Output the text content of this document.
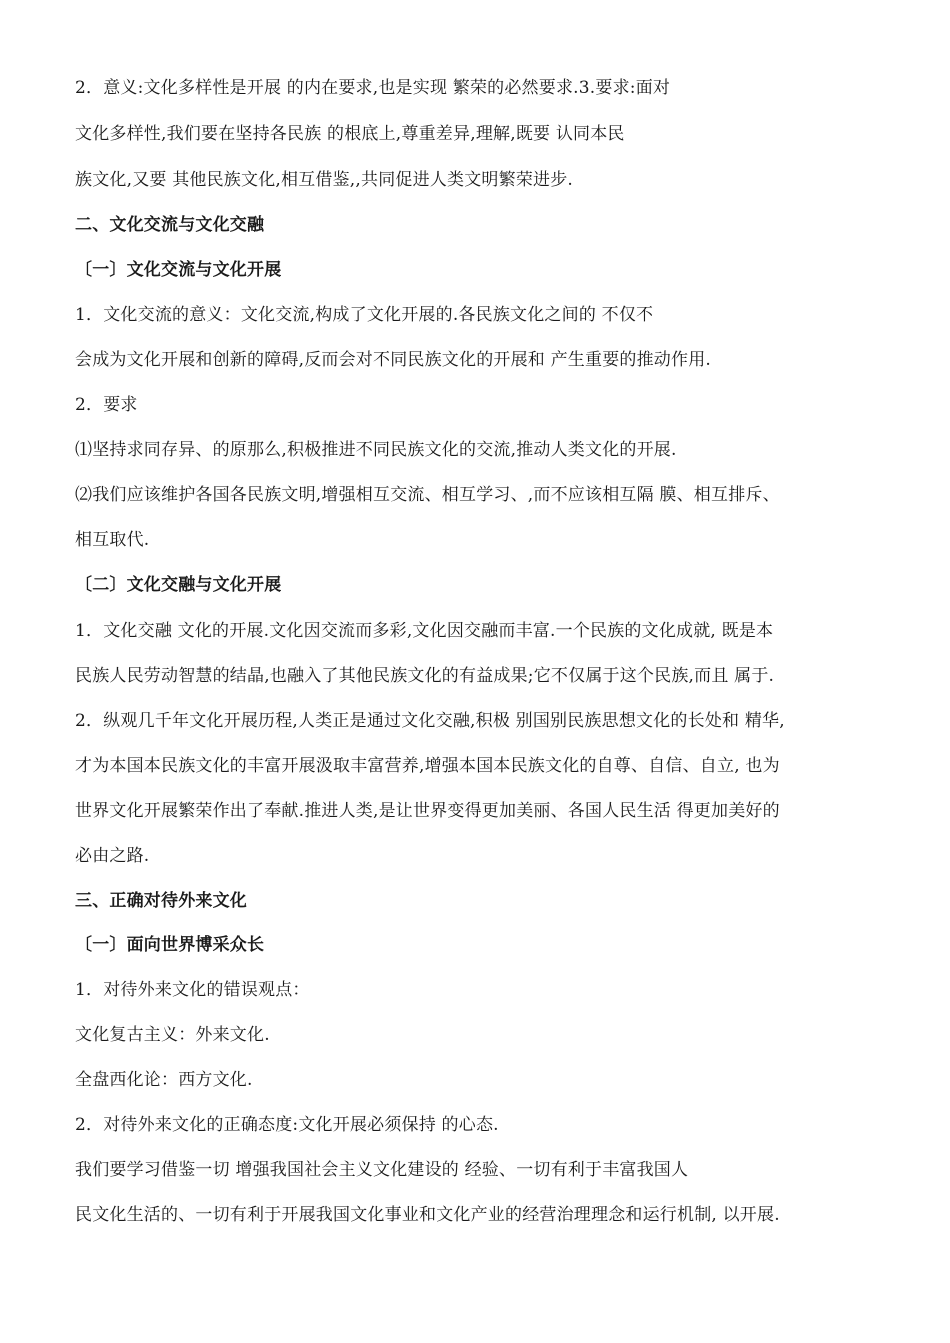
2．意义:文化多样性是开展 的内在要求,也是实现 繁荣的必然要求.3.要求:面对
文化多样性,我们要在坚持各民族 的根底上,尊重差异,理解,既要 认同本民
族文化,又要 其他民族文化,相互借鉴,,共同促进人类文明繁荣进步.
二、文化交流与文化交融
〔一〕文化交流与文化开展
1．文化交流的意义：文化交流,构成了文化开展的.各民族文化之间的 不仅不
会成为文化开展和创新的障碍,反而会对不同民族文化的开展和 产生重要的推动作用.
2．要求
⑴坚持求同存异、的原那么,积极推进不同民族文化的交流,推动人类文化的开展.
⑵我们应该维护各国各民族文明,增强相互交流、相互学习、,而不应该相互隔 膜、相互排斥、
相互取代.
〔二〕文化交融与文化开展
1．文化交融 文化的开展.文化因交流而多彩,文化因交融而丰富.一个民族的文化成就, 既是本
民族人民劳动智慧的结晶,也融入了其他民族文化的有益成果;它不仅属于这个民族,而且 属于.
2．纵观几千年文化开展历程,人类正是通过文化交融,积极 别国别民族思想文化的长处和 精华,
才为本国本民族文化的丰富开展汲取丰富营养,增强本国本民族文化的自尊、自信、自立, 也为
世界文化开展繁荣作出了奉献.推进人类,是让世界变得更加美丽、各国人民生活 得更加美好的
必由之路.
三、正确对待外来文化
〔一〕面向世界博采众长
1．对待外来文化的错误观点：
文化复古主义：外来文化.
全盘西化论：西方文化.
2．对待外来文化的正确态度:文化开展必须保持 的心态.
我们要学习借鉴一切 增强我国社会主义文化建设的 经验、一切有利于丰富我国人
民文化生活的、一切有利于开展我国文化事业和文化产业的经营治理理念和运行机制, 以开展.
